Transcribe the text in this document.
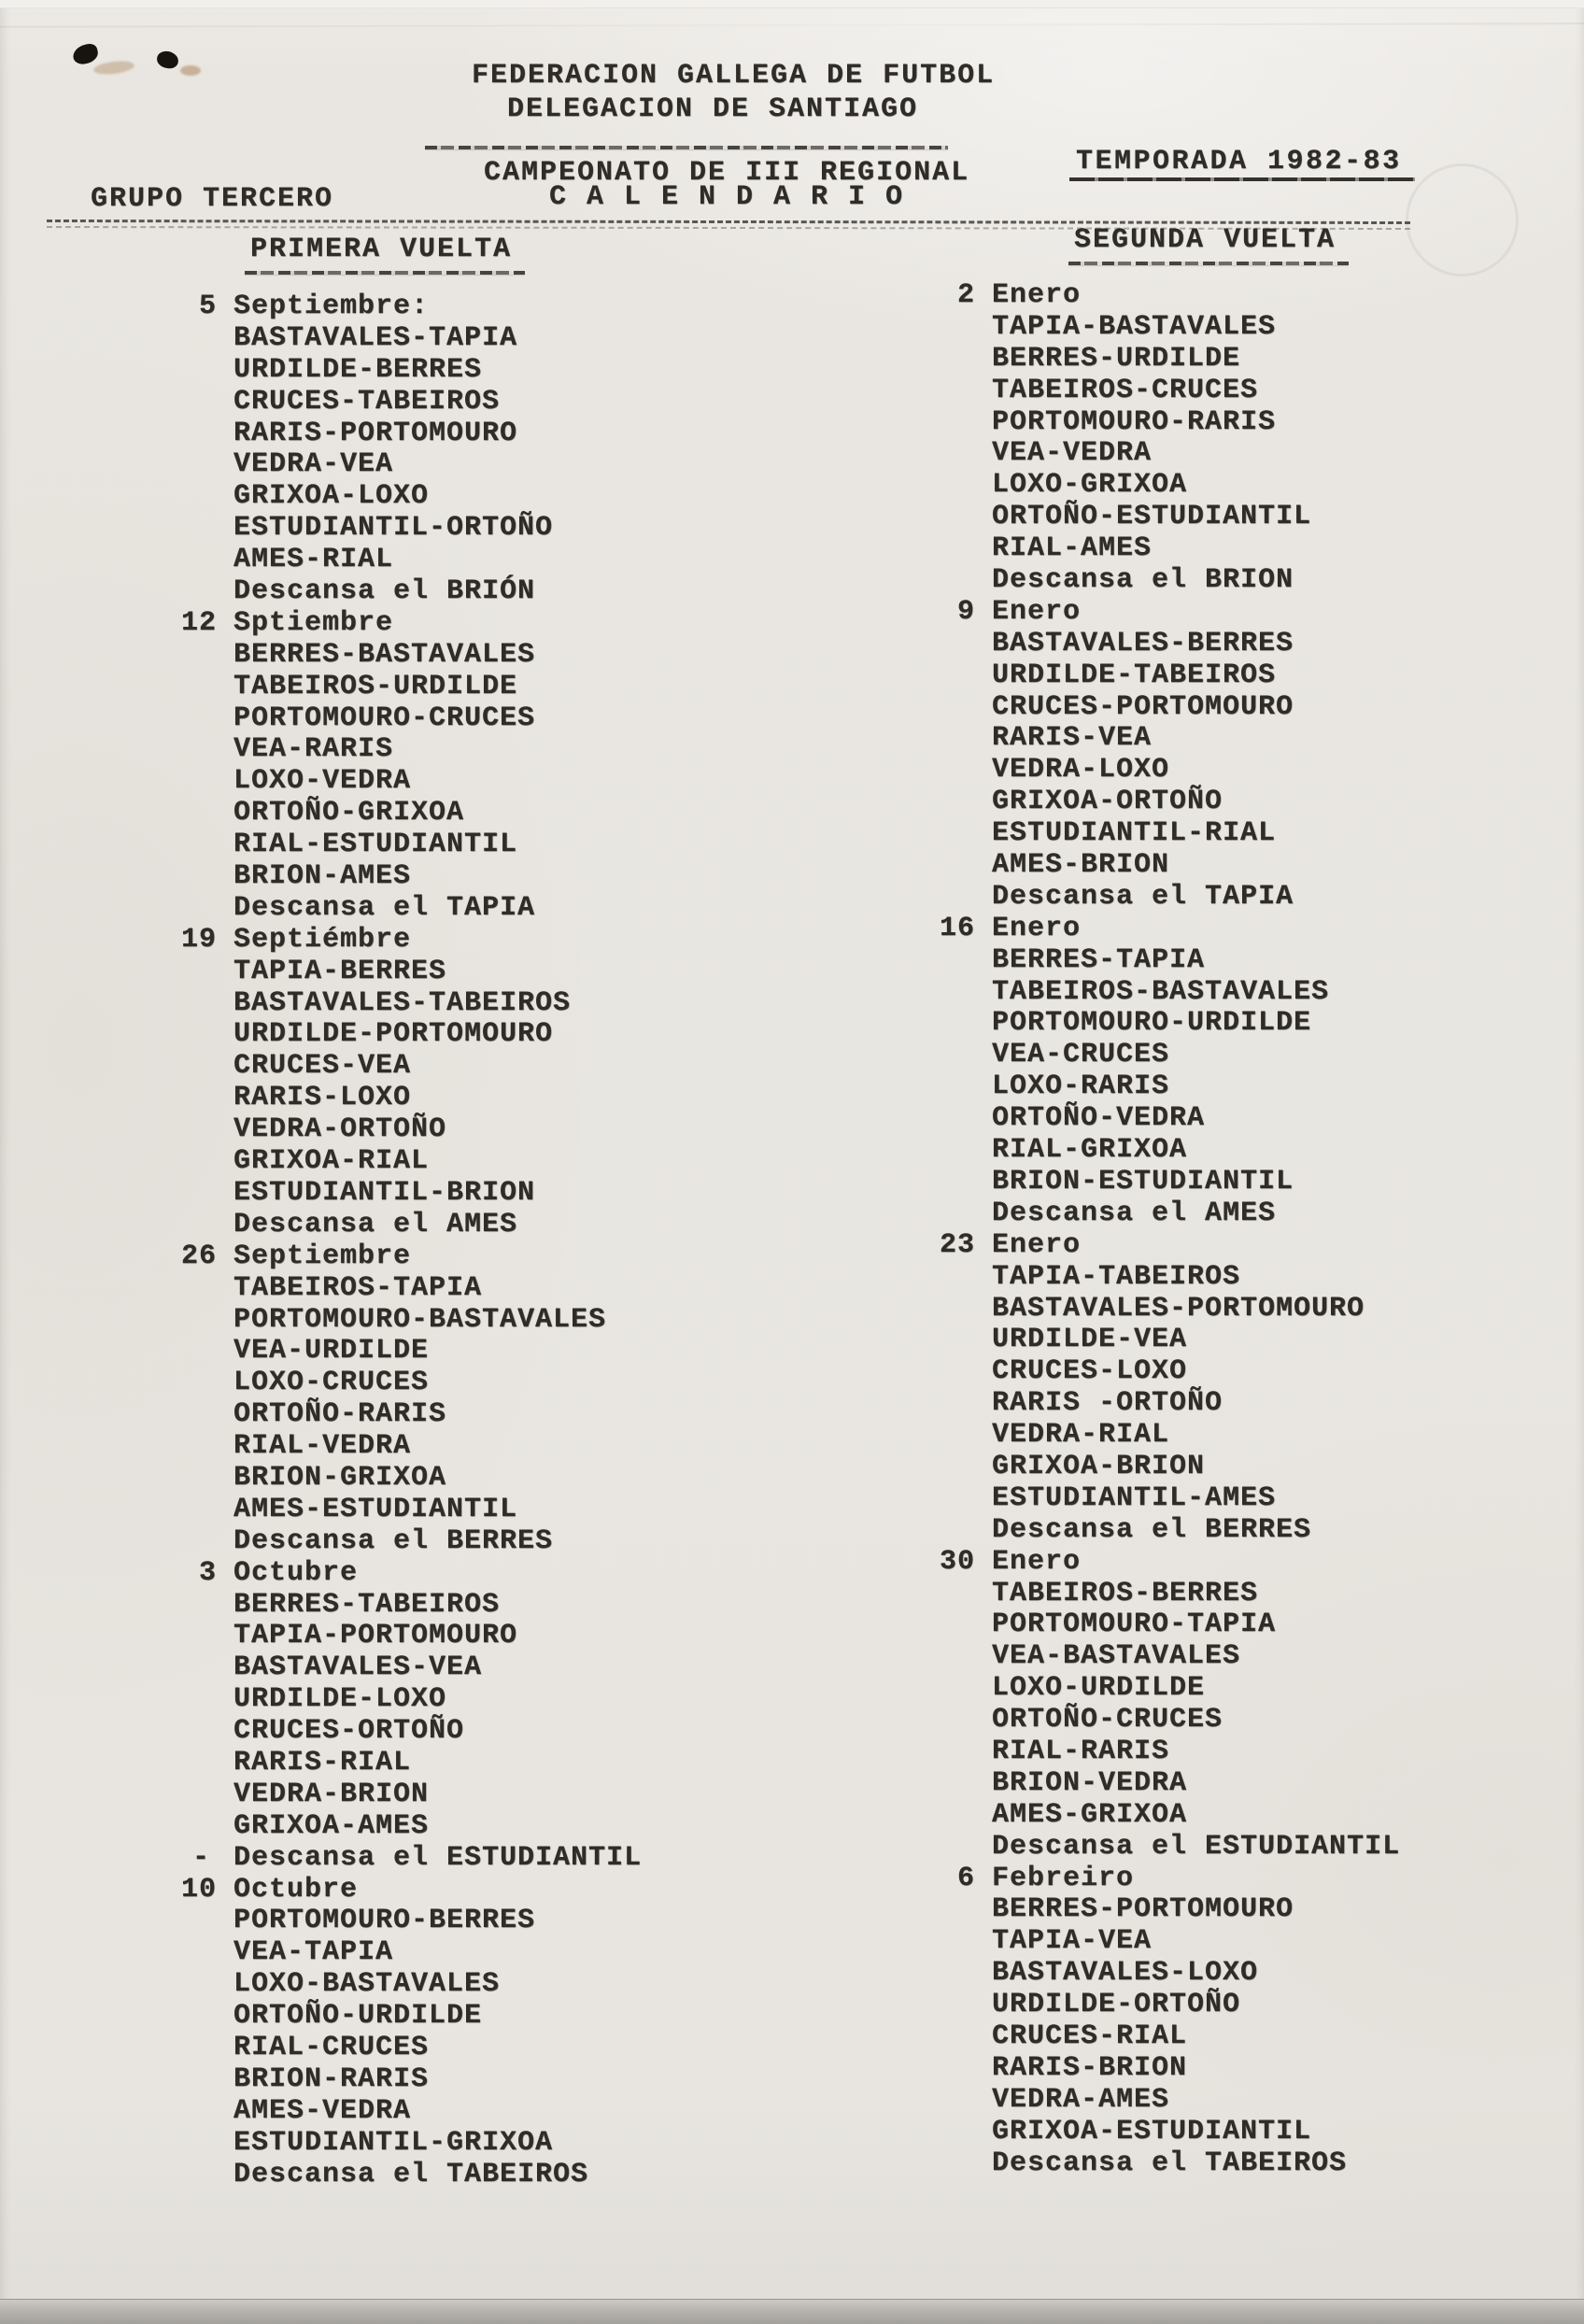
FEDERACION GALLEGA DE FUTBOL
DELEGACION DE SANTIAGO
CAMPEONATO DE III REGIONAL
GRUPO TERCERO	C A L E N D A R I O
TEMPORADA 1982-83
PRIMERA VUELTA	SEGUNDA VUELTA
5 Septiembre:
BASTAVALES-TAPIA
URDILDE-BERRES
CRUCES-TABEIROS
RARIS-PORTOMOURO
VEDRA-VEA
GRIXOA-LOXO
ESTUDIANTIL-ORTOÑO
AMES-RIAL
Descansa el BRIÓN
12 Sptiembre
BERRES-BASTAVALES
TABEIROS-URDILDE
PORTOMOURO-CRUCES
VEA-RARIS
LOXO-VEDRA
ORTOÑO-GRIXOA
RIAL-ESTUDIANTIL
BRION-AMES
Descansa el TAPIA
19 Septiémbre
TAPIA-BERRES
BASTAVALES-TABEIROS
URDILDE-PORTOMOURO
CRUCES-VEA
RARIS-LOXO
VEDRA-ORTOÑO
GRIXOA-RIAL
ESTUDIANTIL-BRION
Descansa el AMES
26 Septiembre
TABEIROS-TAPIA
PORTOMOURO-BASTAVALES
VEA-URDILDE
LOXO-CRUCES
ORTOÑO-RARIS
RIAL-VEDRA
BRION-GRIXOA
AMES-ESTUDIANTIL
Descansa el BERRES
3 Octubre
BERRES-TABEIROS
TAPIA-PORTOMOURO
BASTAVALES-VEA
URDILDE-LOXO
CRUCES-ORTOÑO
RARIS-RIAL
VEDRA-BRION
GRIXOA-AMES
- Descansa el ESTUDIANTIL
10 Octubre
PORTOMOURO-BERRES
VEA-TAPIA
LOXO-BASTAVALES
ORTOÑO-URDILDE
RIAL-CRUCES
BRION-RARIS
AMES-VEDRA
ESTUDIANTIL-GRIXOA
Descansa el TABEIROS
2 Enero
TAPIA-BASTAVALES
BERRES-URDILDE
TABEIROS-CRUCES
PORTOMOURO-RARIS
VEA-VEDRA
LOXO-GRIXOA
ORTOÑO-ESTUDIANTIL
RIAL-AMES
Descansa el BRION
9 Enero
BASTAVALES-BERRES
URDILDE-TABEIROS
CRUCES-PORTOMOURO
RARIS-VEA
VEDRA-LOXO
GRIXOA-ORTOÑO
ESTUDIANTIL-RIAL
AMES-BRION
Descansa el TAPIA
16 Enero
BERRES-TAPIA
TABEIROS-BASTAVALES
PORTOMOURO-URDILDE
VEA-CRUCES
LOXO-RARIS
ORTOÑO-VEDRA
RIAL-GRIXOA
BRION-ESTUDIANTIL
Descansa el AMES
23 Enero
TAPIA-TABEIROS
BASTAVALES-PORTOMOURO
URDILDE-VEA
CRUCES-LOXO
RARIS -ORTOÑO
VEDRA-RIAL
GRIXOA-BRION
ESTUDIANTIL-AMES
Descansa el BERRES
30 Enero
TABEIROS-BERRES
PORTOMOURO-TAPIA
VEA-BASTAVALES
LOXO-URDILDE
ORTOÑO-CRUCES
RIAL-RARIS
BRION-VEDRA
AMES-GRIXOA
Descansa el ESTUDIANTIL
6 Febreiro
BERRES-PORTOMOURO
TAPIA-VEA
BASTAVALES-LOXO
URDILDE-ORTOÑO
CRUCES-RIAL
RARIS-BRION
VEDRA-AMES
GRIXOA-ESTUDIANTIL
Descansa el TABEIROS
